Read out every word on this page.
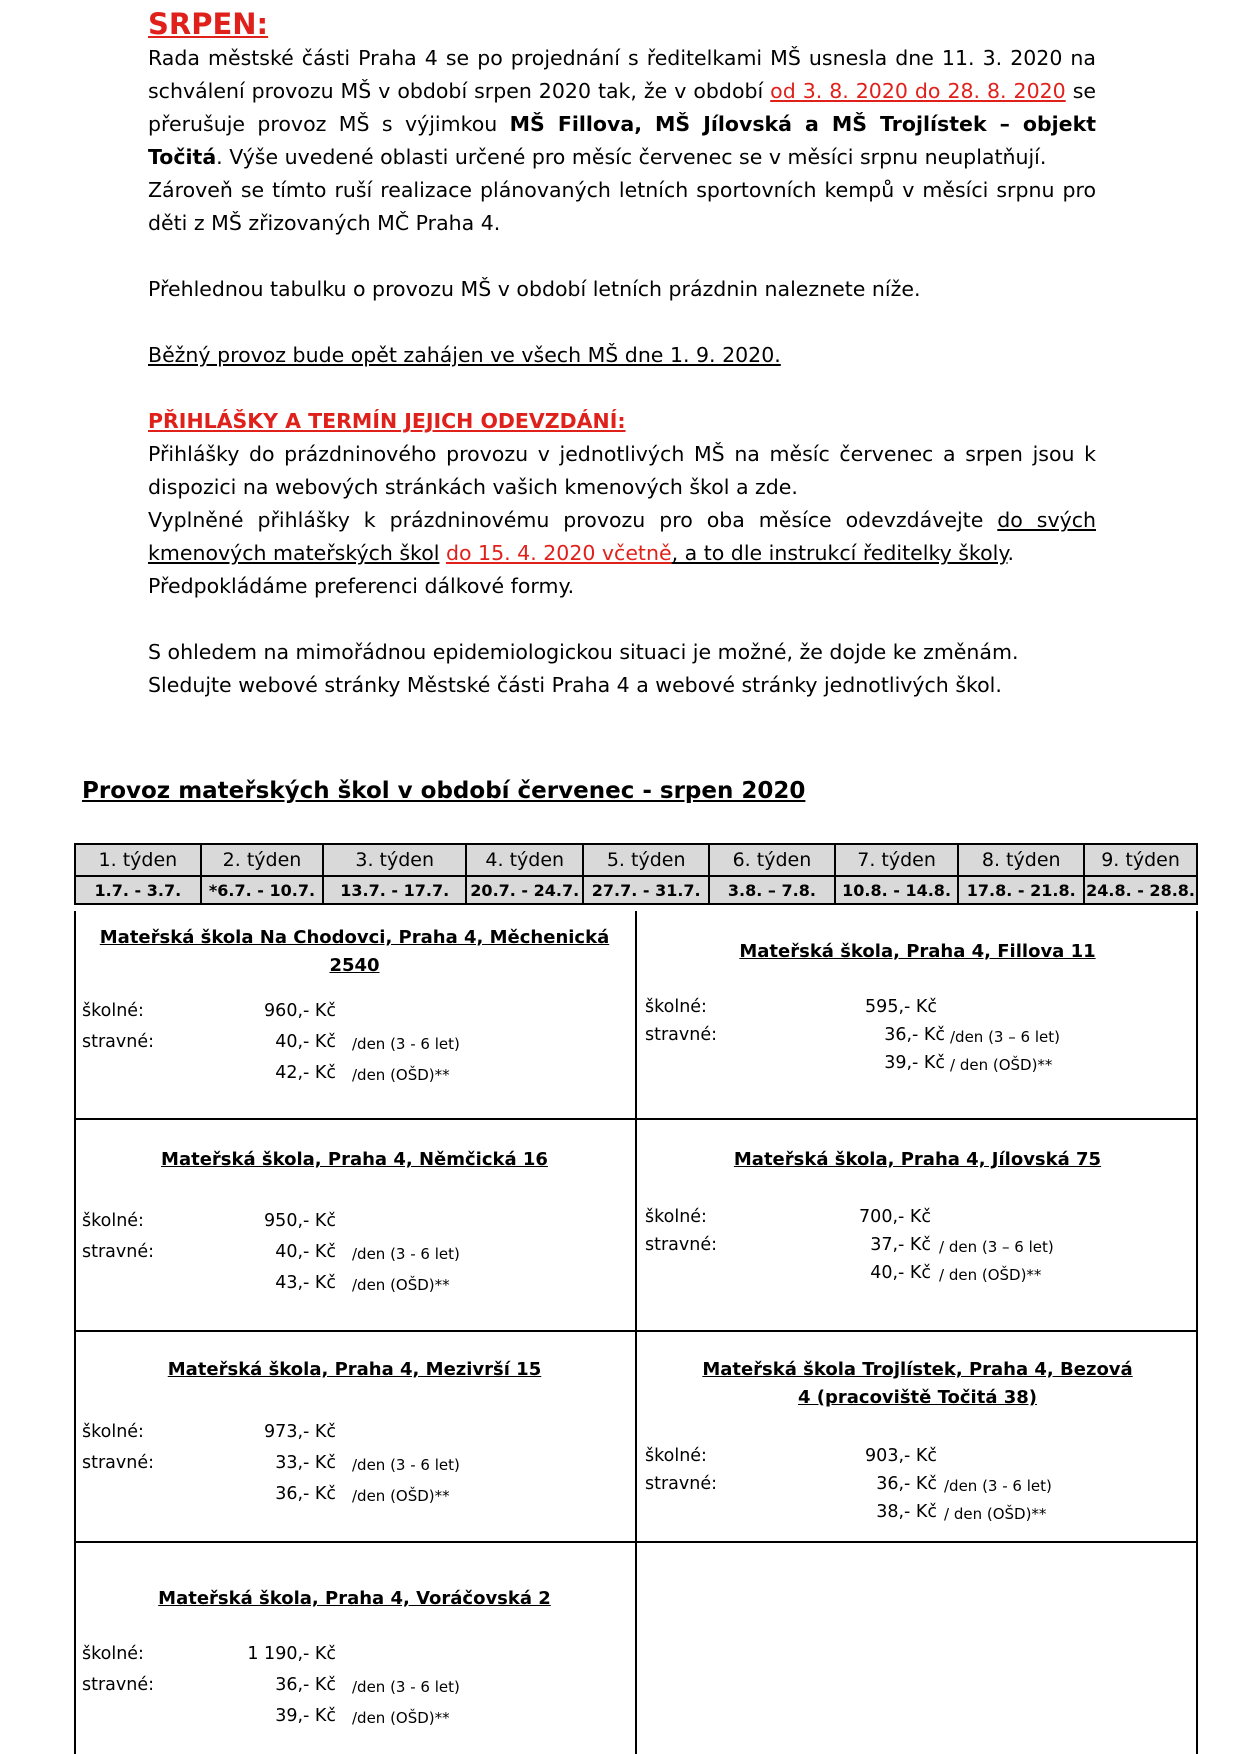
SRPEN:

Rada městské části Praha 4 se po projednání s ředitelkami MŠ usnesla dne 11. 3. 2020 na schválení provozu MŠ v období srpen 2020 tak, že v období od 3. 8. 2020 do 28. 8. 2020 se přerušuje provoz MŠ s výjimkou MŠ Fillova, MŠ Jílovská a MŠ Trojlístek – objekt Točitá. Výše uvedené oblasti určené pro měsíc červenec se v měsíci srpnu neuplatňují.

Zároveň se tímto ruší realizace plánovaných letních sportovních kempů v měsíci srpnu pro děti z MŠ zřizovaných MČ Praha 4.

Přehlednou tabulku o provozu MŠ v období letních prázdnin naleznete níže.

Běžný provoz bude opět zahájen ve všech MŠ dne 1. 9. 2020.

PŘIHLÁŠKY A TERMÍN JEJICH ODEVZDÁNÍ:

Přihlášky do prázdninového provozu v jednotlivých MŠ na měsíc červenec a srpen jsou k dispozici na webových stránkách vašich kmenových škol a zde.

Vyplněné přihlášky k prázdninovému provozu pro oba měsíce odevzdávejte do svých kmenových mateřských škol do 15. 4. 2020 včetně, a to dle instrukcí ředitelky školy.

Předpokládáme preferenci dálkové formy.

S ohledem na mimořádnou epidemiologickou situaci je možné, že dojde ke změnám.

Sledujte webové stránky Městské části Praha 4 a webové stránky jednotlivých škol.

Provoz mateřských škol v období červenec - srpen 2020
1. týden	2. týden	3. týden	4. týden	5. týden	6. týden	7. týden	8. týden	9. týden
1.7. - 3.7.	*6.7. - 10.7.	13.7. - 17.7.	20.7. - 24.7.	27.7. - 31.7.	3.8. – 7.8.	10.8. - 14.8.	17.8. - 21.8.	24.8. - 28.8.
Mateřská škola Na Chodovci, Praha 4, Měchenická 2540
školné:	960,- Kč
stravné:	40,- Kč /den (3 - 6 let)
42,- Kč /den (OŠD)**
Mateřská škola, Praha 4, Fillova 11
školné:	595,- Kč
stravné:	36,- Kč /den (3 – 6 let)
39,- Kč / den (OŠD)**
Mateřská škola, Praha 4, Němčická 16
školné:	950,- Kč
stravné:	40,- Kč /den (3 - 6 let)
43,- Kč /den (OŠD)**
Mateřská škola, Praha 4, Jílovská 75
školné:	700,- Kč
stravné:	37,- Kč / den (3 – 6 let)
40,- Kč / den (OŠD)**
Mateřská škola, Praha 4, Mezivrší 15
školné:	973,- Kč
stravné:	33,- Kč /den (3 - 6 let)
36,- Kč /den (OŠD)**
Mateřská škola Trojlístek, Praha 4, Bezová 4 (pracoviště Točitá 38)
školné:	903,- Kč
stravné:	36,- Kč /den (3 - 6 let)
38,- Kč / den (OŠD)**
Mateřská škola, Praha 4, Voráčovská 2
školné:	1 190,- Kč
stravné:	36,- Kč /den (3 - 6 let)
39,- Kč /den (OŠD)**
